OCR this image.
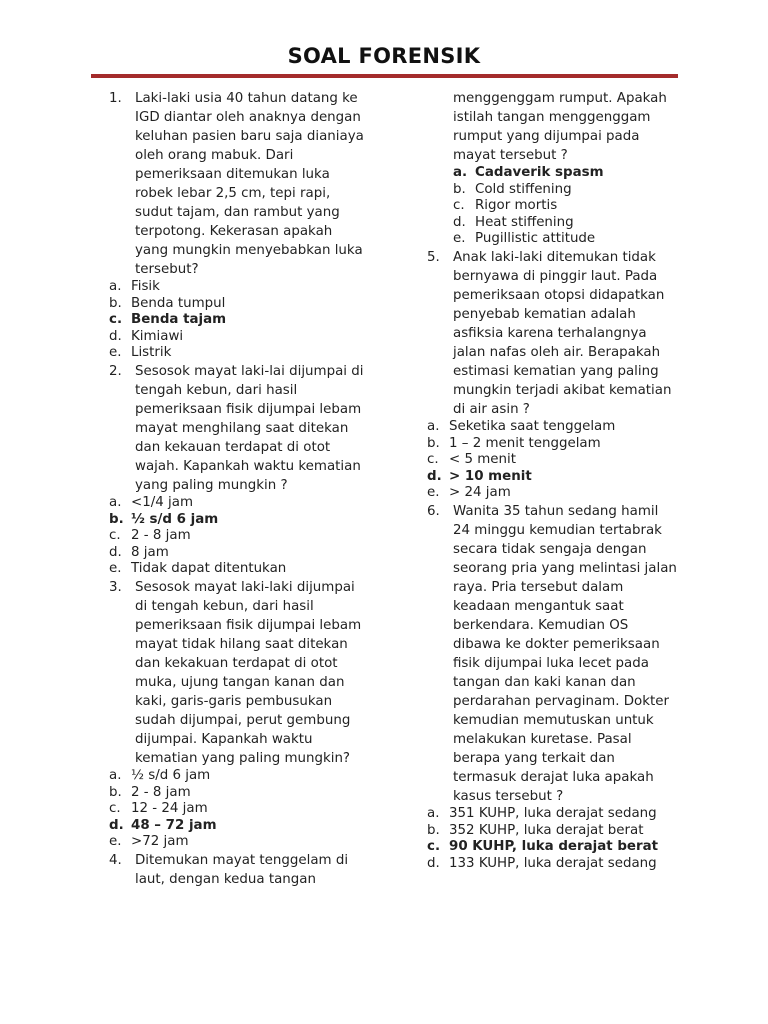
SOAL FORENSIK
1. Laki-laki usia 40 tahun datang ke IGD diantar oleh anaknya dengan keluhan pasien baru saja dianiaya oleh orang mabuk. Dari pemeriksaan ditemukan luka robek lebar 2,5 cm, tepi rapi, sudut tajam, dan rambut yang terpotong. Kekerasan apakah yang mungkin menyebabkan luka tersebut?
a. Fisik
b. Benda tumpul
c. Benda tajam
d. Kimiawi
e. Listrik
2. Sesosok mayat laki-lai dijumpai di tengah kebun, dari hasil pemeriksaan fisik dijumpai lebam mayat menghilang saat ditekan dan kekauan terdapat di otot wajah. Kapankah waktu kematian yang paling mungkin ?
a. <1/4 jam
b. ½ s/d 6 jam
c. 2 - 8 jam
d. 8 jam
e. Tidak dapat ditentukan
3. Sesosok mayat laki-laki dijumpai di tengah kebun, dari hasil pemeriksaan fisik dijumpai lebam mayat tidak hilang saat ditekan dan kekakuan terdapat di otot muka, ujung tangan kanan dan kaki, garis-garis pembusukan sudah dijumpai, perut gembung dijumpai. Kapankah waktu kematian yang paling mungkin?
a. ½ s/d 6 jam
b. 2 - 8 jam
c. 12 - 24 jam
d. 48 – 72 jam
e. >72 jam
4. Ditemukan mayat tenggelam di laut, dengan kedua tangan
menggenggam rumput. Apakah istilah tangan menggenggam rumput yang dijumpai pada mayat tersebut ?
a. Cadaverik spasm
b. Cold stiffening
c. Rigor mortis
d. Heat stiffening
e. Pugillistic attitude
5. Anak laki-laki ditemukan tidak bernyawa di pinggir laut. Pada pemeriksaan otopsi didapatkan penyebab kematian adalah asfiksia karena terhalangnya jalan nafas oleh air. Berapakah estimasi kematian yang paling mungkin terjadi akibat kematian di air asin ?
a. Seketika saat tenggelam
b. 1 – 2 menit tenggelam
c. < 5 menit
d. > 10 menit
e. > 24 jam
6. Wanita 35 tahun sedang hamil 24 minggu kemudian tertabrak secara tidak sengaja dengan seorang pria yang melintasi jalan raya. Pria tersebut dalam keadaan mengantuk saat berkendara. Kemudian OS dibawa ke dokter pemeriksaan fisik dijumpai luka lecet pada tangan dan kaki kanan dan perdarahan pervaginam. Dokter kemudian memutuskan untuk melakukan kuretase. Pasal berapa yang terkait dan termasuk derajat luka apakah kasus tersebut ?
a. 351 KUHP, luka derajat sedang
b. 352 KUHP, luka derajat berat
c. 90 KUHP, luka derajat berat
d. 133 KUHP, luka derajat sedang
